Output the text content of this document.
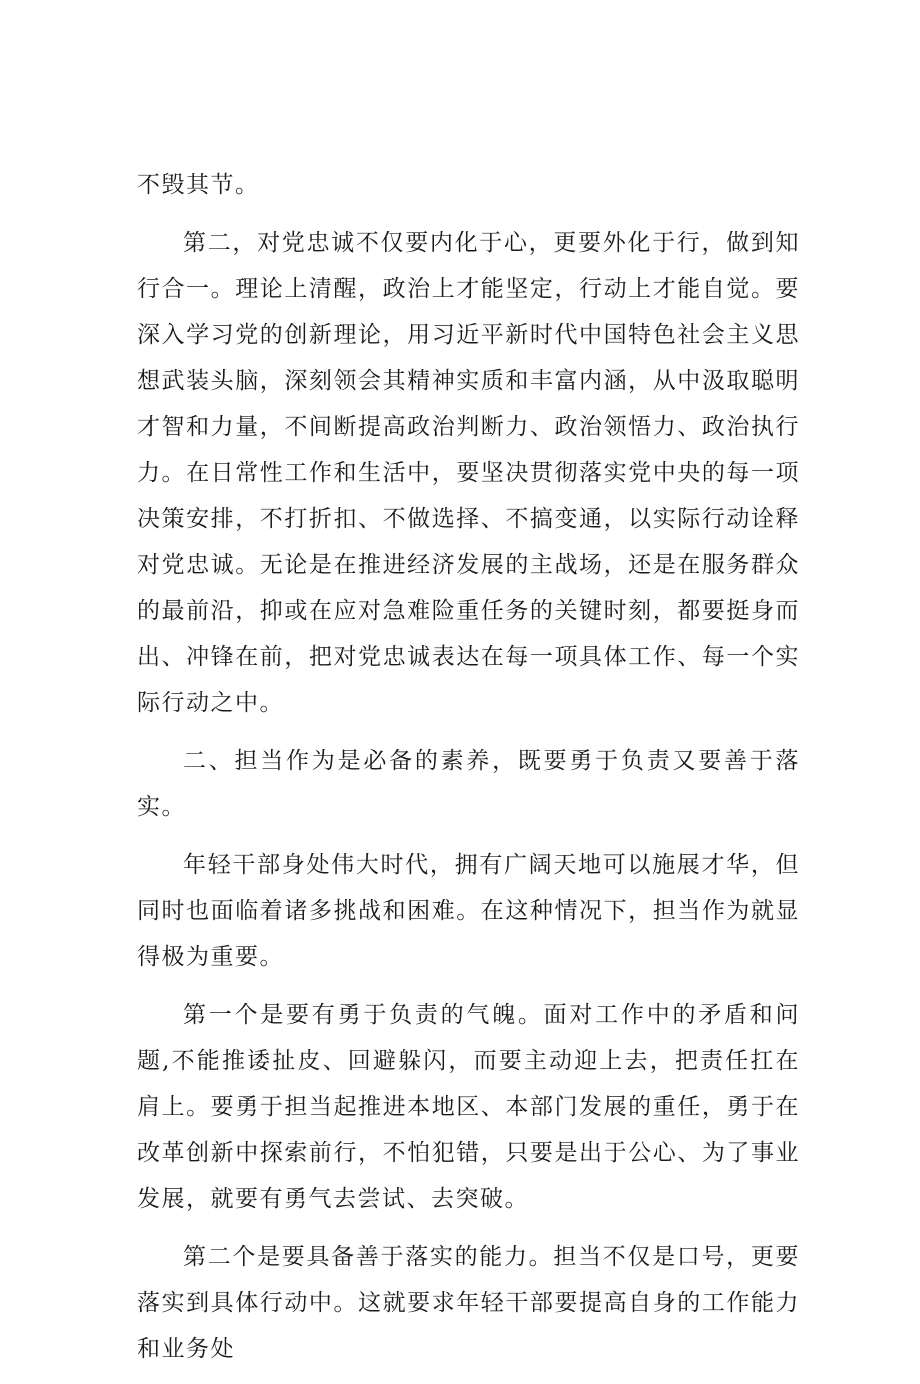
不毁其节。

第二，对党忠诚不仅要内化于心，更要外化于行，做到知行合一。理论上清醒，政治上才能坚定，行动上才能自觉。要深入学习党的创新理论，用习近平新时代中国特色社会主义思想武装头脑，深刻领会其精神实质和丰富内涵，从中汲取聪明才智和力量，不间断提高政治判断力、政治领悟力、政治执行力。在日常性工作和生活中，要坚决贯彻落实党中央的每一项决策安排，不打折扣、不做选择、不搞变通，以实际行动诠释对党忠诚。无论是在推进经济发展的主战场，还是在服务群众的最前沿，抑或在应对急难险重任务的关键时刻，都要挺身而出、冲锋在前，把对党忠诚表达在每一项具体工作、每一个实际行动之中。

二、担当作为是必备的素养，既要勇于负责又要善于落实。

年轻干部身处伟大时代，拥有广阔天地可以施展才华，但同时也面临着诸多挑战和困难。在这种情况下，担当作为就显得极为重要。

第一个是要有勇于负责的气魄。面对工作中的矛盾和问题,不能推诿扯皮、回避躲闪，而要主动迎上去，把责任扛在肩上。要勇于担当起推进本地区、本部门发展的重任，勇于在改革创新中探索前行，不怕犯错，只要是出于公心、为了事业发展，就要有勇气去尝试、去突破。

第二个是要具备善于落实的能力。担当不仅是口号，更要落实到具体行动中。这就要求年轻干部要提高自身的工作能力和业务处
